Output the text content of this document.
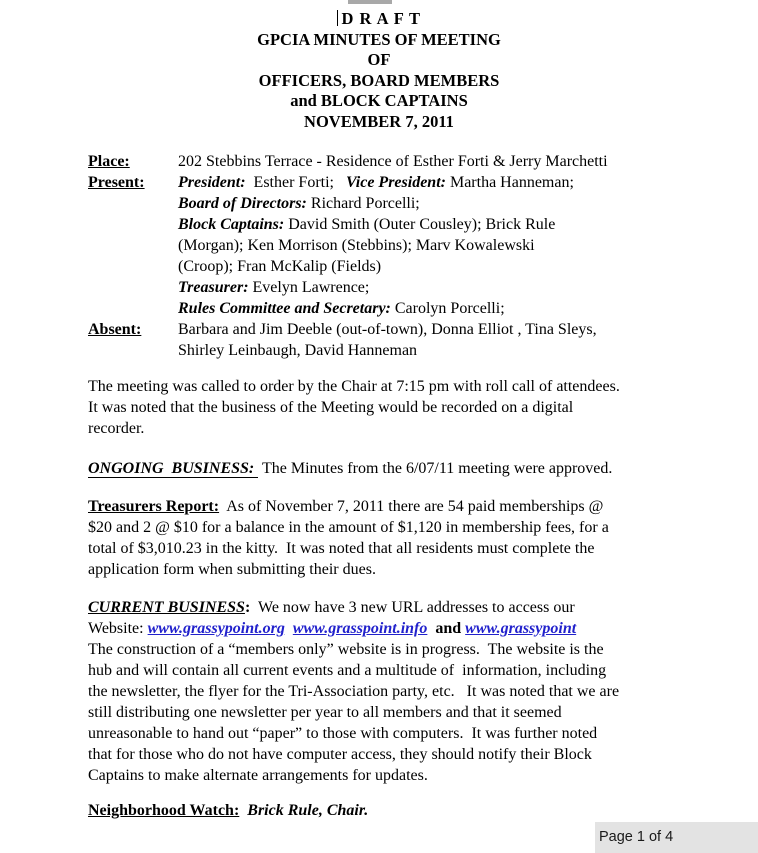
D R A F T
GPCIA MINUTES OF MEETING
OF
OFFICERS, BOARD MEMBERS
and BLOCK CAPTAINS
NOVEMBER 7, 2011
Place:	202 Stebbins Terrace - Residence of Esther Forti & Jerry Marchetti
Present:	President:  Esther Forti;   Vice President: Martha Hanneman;
Board of Directors: Richard Porcelli;
Block Captains: David Smith (Outer Cousley); Brick Rule
(Morgan); Ken Morrison (Stebbins); Marv Kowalewski
(Croop); Fran McKalip (Fields)
Treasurer: Evelyn Lawrence;
Rules Committee and Secretary: Carolyn Porcelli;
Absent:	Barbara and Jim Deeble (out-of-town), Donna Elliot , Tina Sleys,
Shirley Leinbaugh, David Hanneman
The meeting was called to order by the Chair at 7:15 pm with roll call of attendees.
It was noted that the business of the Meeting would be recorded on a digital
recorder.
ONGOING  BUSINESS: The Minutes from the 6/07/11 meeting were approved.
Treasurers Report:  As of November 7, 2011 there are 54 paid memberships @
$20 and 2 @ $10 for a balance in the amount of $1,120 in membership fees, for a
total of $3,010.23 in the kitty.  It was noted that all residents must complete the
application form when submitting their dues.
CURRENT BUSINESS:  We now have 3 new URL addresses to access our
Website: www.grassypoint.org www.grasspoint.info  and www.grassypoint
The construction of a “members only” website is in progress.  The website is the
hub and will contain all current events and a multitude of  information, including
the newsletter, the flyer for the Tri-Association party, etc.   It was noted that we are
still distributing one newsletter per year to all members and that it seemed
unreasonable to hand out “paper” to those with computers.  It was further noted
that for those who do not have computer access, they should notify their Block
Captains to make alternate arrangements for updates.
Neighborhood Watch:  Brick Rule, Chair.
Page 1 of 4
